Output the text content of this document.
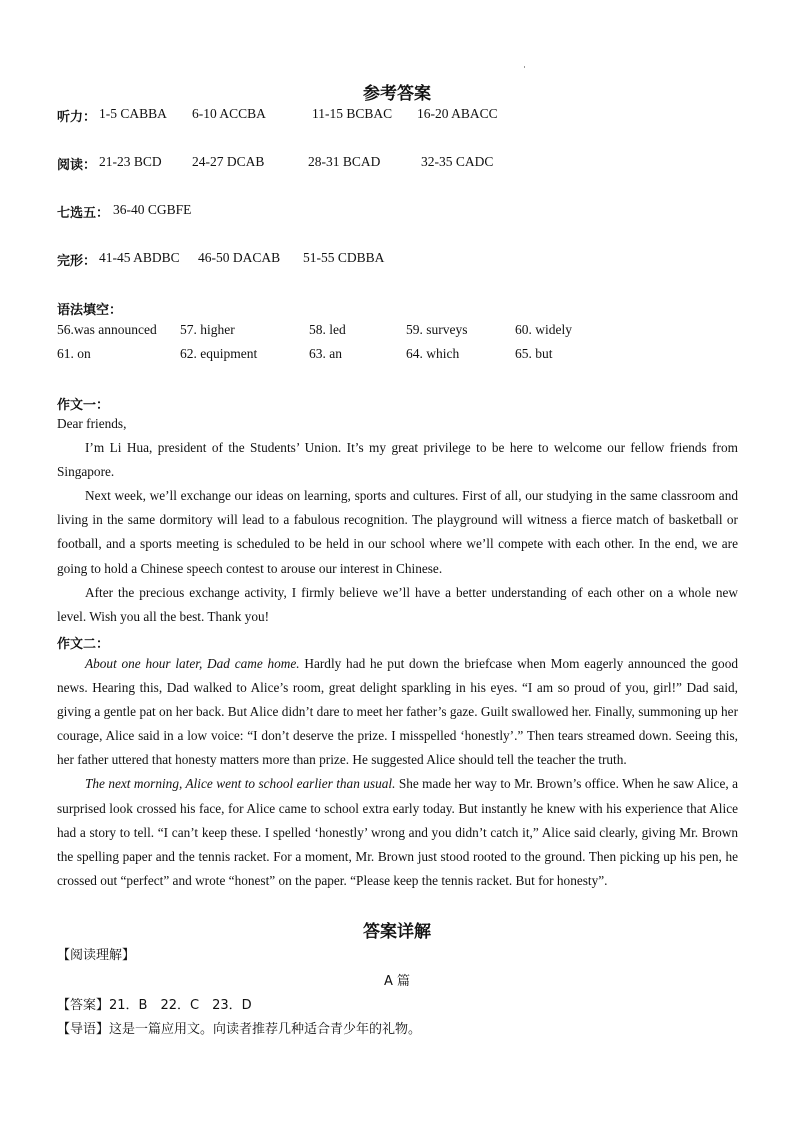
参考答案
听力： 1-5 CABBA 6-10 ACCBA	11-15 BCBAC 16-20 ABACC
阅读： 21-23 BCD 24-27 DCAB	28-31 BCAD	32-35 CADC
七选五： 36-40 CGBFE
完形： 41-45 ABDBC 46-50 DACAB 51-55 CDBBA
语法填空：
56.was announced 57. higher	58. led	59. surveys	60. widely
61. on	62. equipment	63. an	64. which	65. but
作文一：

Dear friends,

I’m Li Hua, president of the Students’ Union. It’s my great privilege to be here to welcome our fellow friends from Singapore.

Next week, we’ll exchange our ideas on learning, sports and cultures. First of all, our studying in the same classroom and living in the same dormitory will lead to a fabulous recognition. The playground will witness a fierce match of basketball or football, and a sports meeting is scheduled to be held in our school where we’ll compete with each other. In the end, we are going to hold a Chinese speech contest to arouse our interest in Chinese.

After the precious exchange activity, I firmly believe we’ll have a better understanding of each other on a whole new level. Wish you all the best. Thank you!

作文二：

About one hour later, Dad came home. Hardly had he put down the briefcase when Mom eagerly announced the good news. Hearing this, Dad walked to Alice’s room, great delight sparkling in his eyes. “I am so proud of you, girl!” Dad said, giving a gentle pat on her back. But Alice didn’t dare to meet her father’s gaze. Guilt swallowed her. Finally, summoning up her courage, Alice said in a low voice: “I don’t deserve the prize. I misspelled ‘honestly’.” Then tears streamed down. Seeing this, her father uttered that honesty matters more than prize. He suggested Alice should tell the teacher the truth.

The next morning, Alice went to school earlier than usual. She made her way to Mr. Brown’s office. When he saw Alice, a surprised look crossed his face, for Alice came to school extra early today. But instantly he knew with his experience that Alice had a story to tell. “I can’t keep these. I spelled ‘honestly’ wrong and you didn’t catch it,” Alice said clearly, giving Mr. Brown the spelling paper and the tennis racket. For a moment, Mr. Brown just stood rooted to the ground. Then picking up his pen, he crossed out “perfect” and wrote “honest” on the paper. “Please keep the tennis racket. But for honesty”.

答案详解
【阅读理解】
A 篇
【答案】21．B　22．C　23．D
【导语】这是一篇应用文。向读者推荐几种适合青少年的礼物。
